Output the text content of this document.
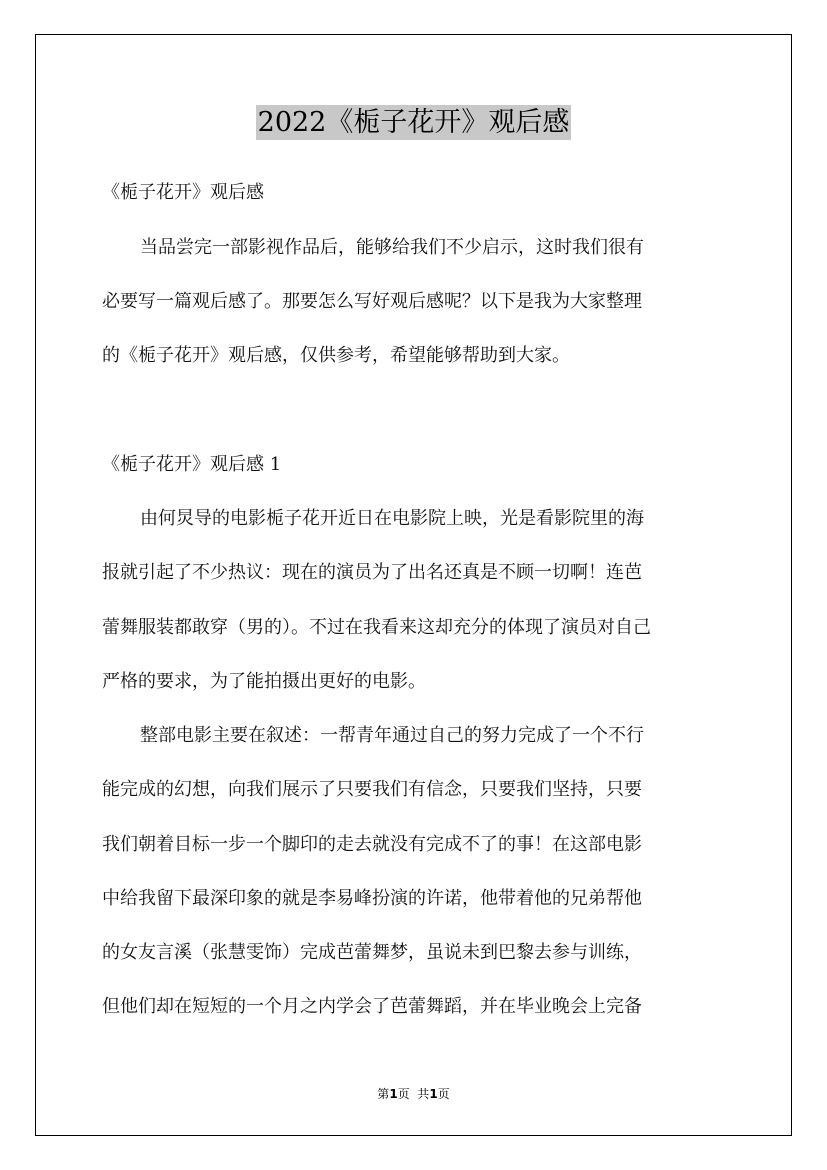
2022《栀子花开》观后感
《栀子花开》观后感
当品尝完一部影视作品后，能够给我们不少启示，这时我们很有
必要写一篇观后感了。那要怎么写好观后感呢？以下是我为大家整理
的《栀子花开》观后感，仅供参考，希望能够帮助到大家。
《栀子花开》观后感 1
由何炅导的电影栀子花开近日在电影院上映，光是看影院里的海
报就引起了不少热议：现在的演员为了出名还真是不顾一切啊！连芭
蕾舞服装都敢穿（男的）。不过在我看来这却充分的体现了演员对自己
严格的要求，为了能拍摄出更好的电影。
整部电影主要在叙述：一帮青年通过自己的努力完成了一个不行
能完成的幻想，向我们展示了只要我们有信念，只要我们坚持，只要
我们朝着目标一步一个脚印的走去就没有完成不了的事！在这部电影
中给我留下最深印象的就是李易峰扮演的许诺，他带着他的兄弟帮他
的女友言溪（张慧雯饰）完成芭蕾舞梦，虽说未到巴黎去参与训练，
但他们却在短短的一个月之内学会了芭蕾舞蹈，并在毕业晚会上完备
第1页  共1页
